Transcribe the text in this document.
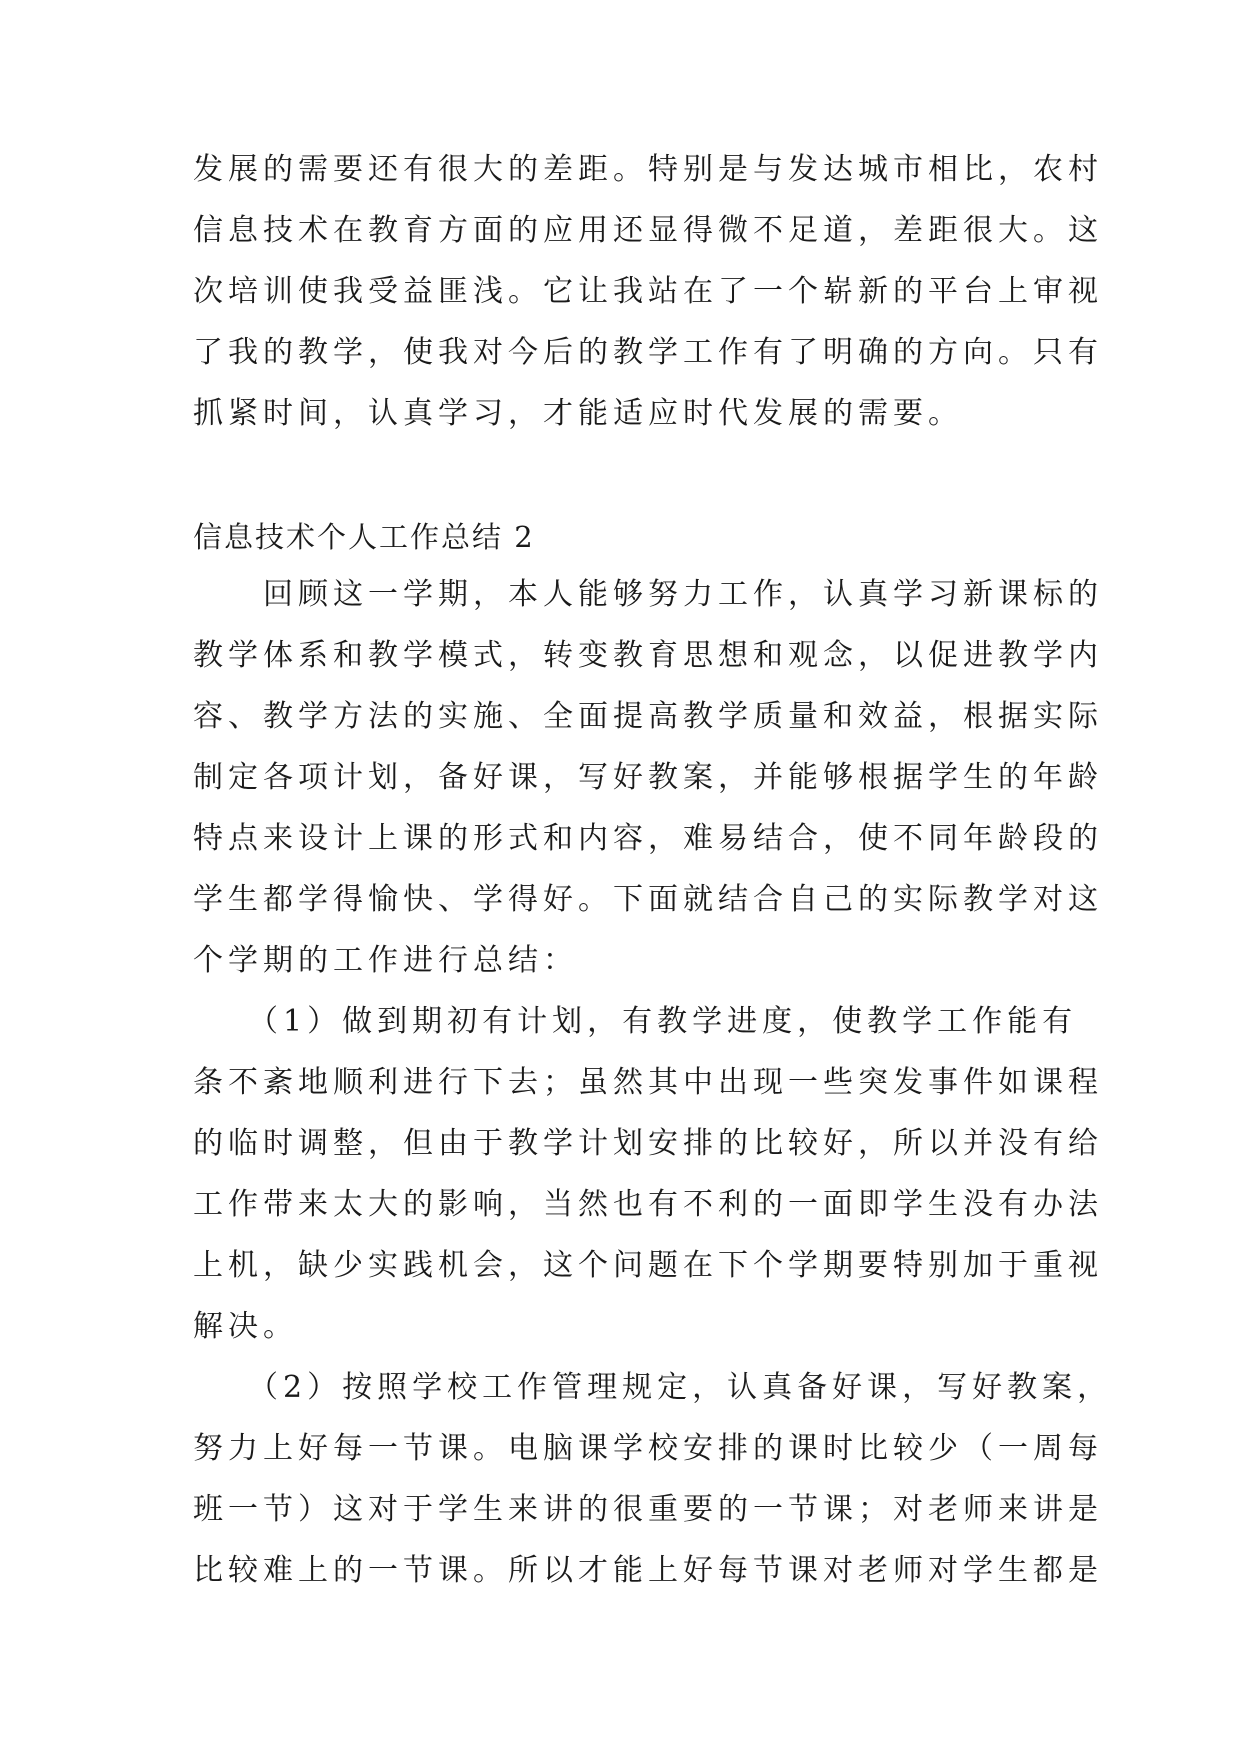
发展的需要还有很大的差距。特别是与发达城市相比，农村
信息技术在教育方面的应用还显得微不足道，差距很大。这
次培训使我受益匪浅。它让我站在了一个崭新的平台上审视
了我的教学，使我对今后的教学工作有了明确的方向。只有
抓紧时间，认真学习，才能适应时代发展的需要。
信息技术个人工作总结 2
　　回顾这一学期，本人能够努力工作，认真学习新课标的
教学体系和教学模式，转变教育思想和观念，以促进教学内
容、教学方法的实施、全面提高教学质量和效益，根据实际
制定各项计划，备好课，写好教案，并能够根据学生的年龄
特点来设计上课的形式和内容，难易结合，使不同年龄段的
学生都学得愉快、学得好。下面就结合自己的实际教学对这
个学期的工作进行总结：
　　（1）做到期初有计划，有教学进度，使教学工作能有
条不紊地顺利进行下去；虽然其中出现一些突发事件如课程
的临时调整，但由于教学计划安排的比较好，所以并没有给
工作带来太大的影响，当然也有不利的一面即学生没有办法
上机，缺少实践机会，这个问题在下个学期要特别加于重视
解决。
　　（2）按照学校工作管理规定，认真备好课，写好教案，
努力上好每一节课。电脑课学校安排的课时比较少（一周每
班一节）这对于学生来讲的很重要的一节课；对老师来讲是
比较难上的一节课。所以才能上好每节课对老师对学生都是
